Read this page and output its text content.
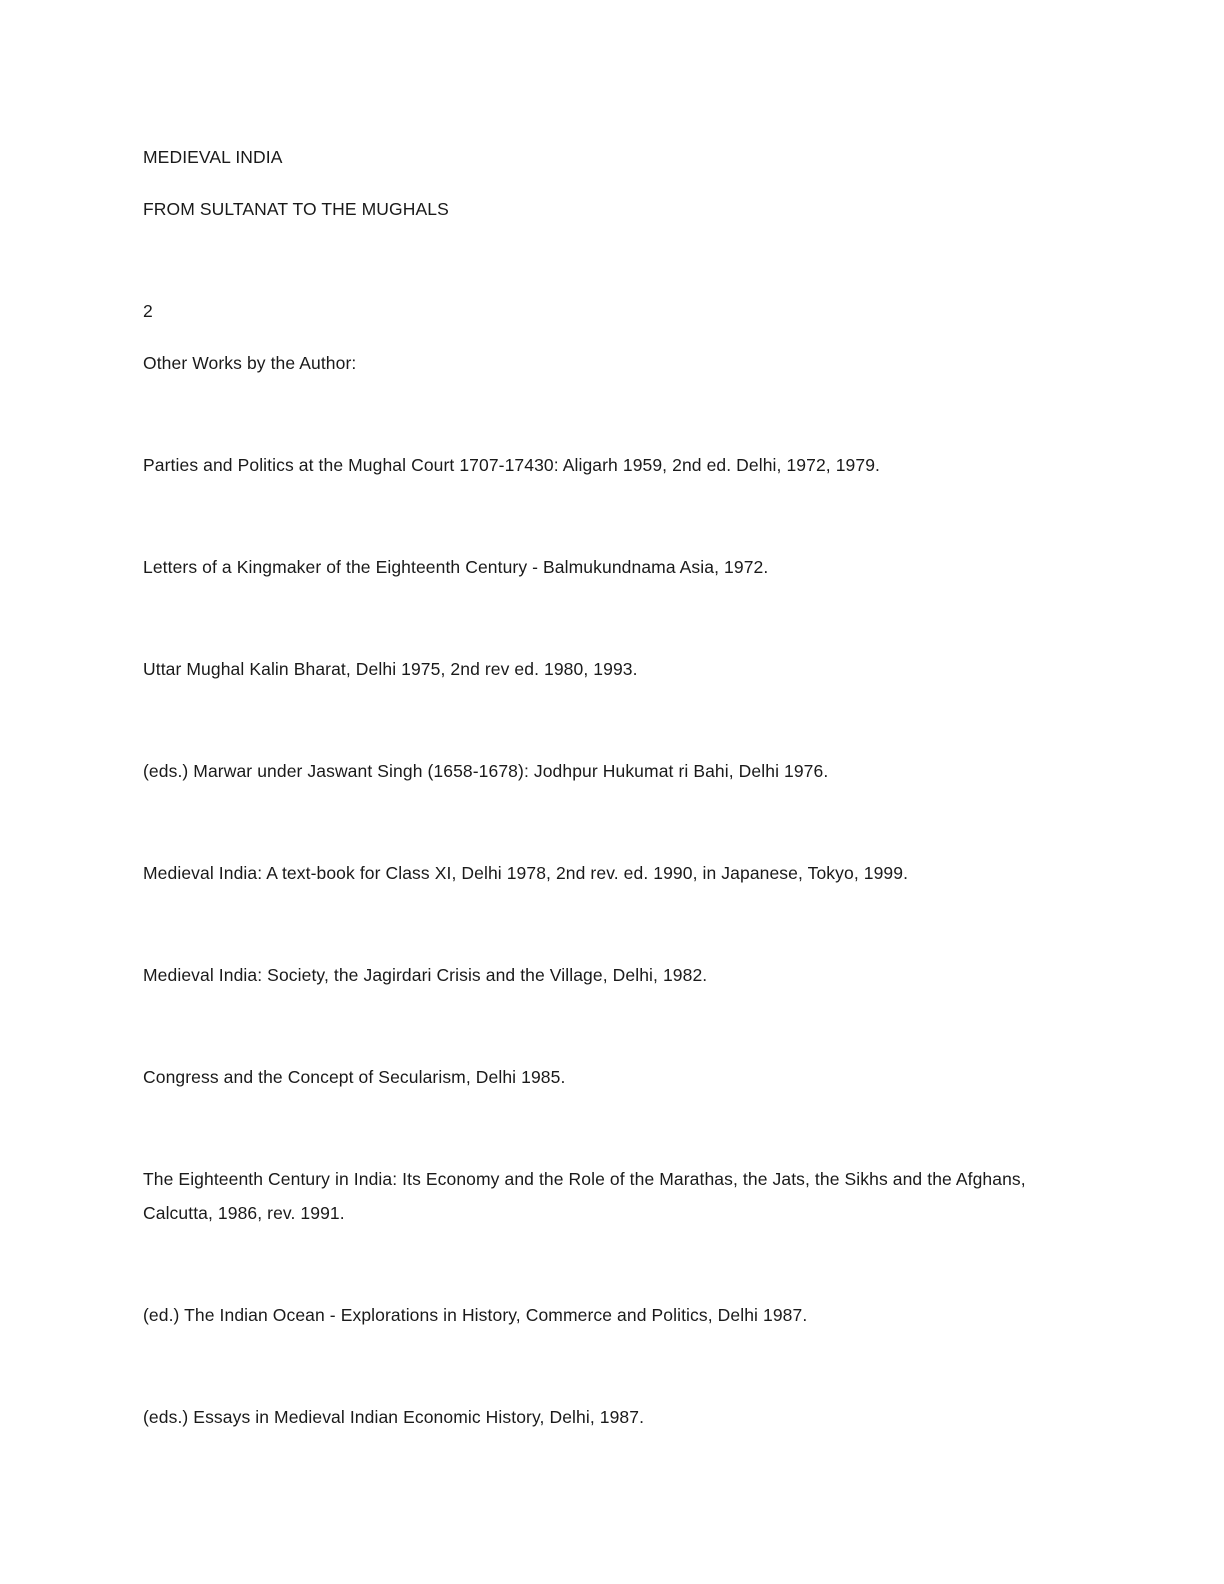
MEDIEVAL INDIA

FROM SULTANAT TO THE MUGHALS

2

Other Works by the Author:

Parties and Politics at the Mughal Court 1707-17430: Aligarh 1959, 2nd ed. Delhi, 1972, 1979.

Letters of a Kingmaker of the Eighteenth Century - Balmukundnama Asia, 1972.

Uttar Mughal Kalin Bharat, Delhi 1975, 2nd rev ed. 1980, 1993.

(eds.) Marwar under Jaswant Singh (1658-1678): Jodhpur Hukumat ri Bahi, Delhi 1976.

Medieval India: A text-book for Class XI, Delhi 1978, 2nd rev. ed. 1990, in Japanese, Tokyo, 1999.

Medieval India: Society, the Jagirdari Crisis and the Village, Delhi, 1982.

Congress and the Concept of Secularism, Delhi 1985.

The Eighteenth Century in India: Its Economy and the Role of the Marathas, the Jats, the Sikhs and the Afghans, Calcutta, 1986, rev. 1991.

(ed.) The Indian Ocean - Explorations in History, Commerce and Politics, Delhi 1987.

(eds.) Essays in Medieval Indian Economic History, Delhi, 1987.
